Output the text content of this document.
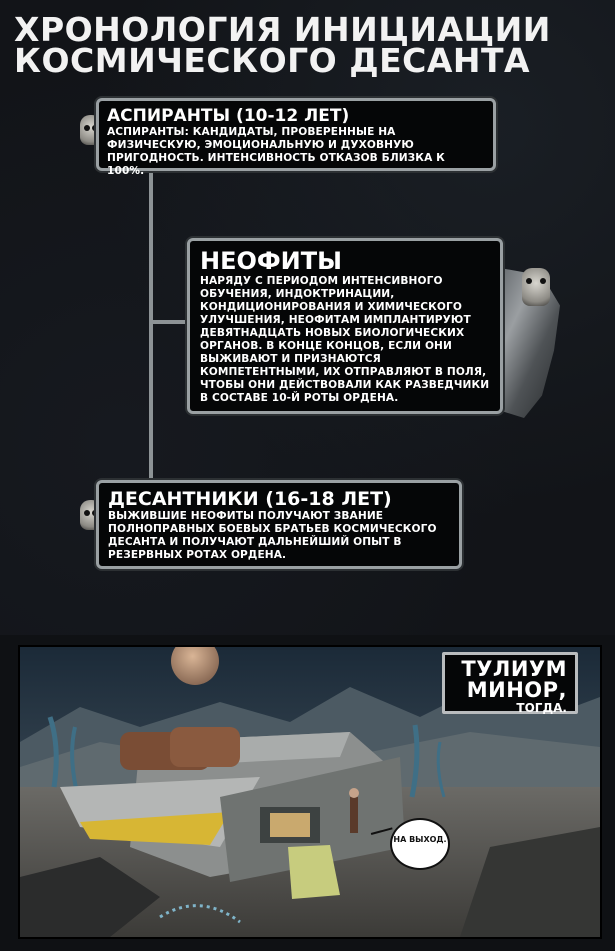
ХРОНОЛОГИЯ ИНИЦИАЦИИ
КОСМИЧЕСКОГО ДЕСАНТА
АСПИРАНТЫ (10-12 ЛЕТ)
АСПИРАНТЫ: КАНДИДАТЫ, ПРОВЕРЕННЫЕ НА ФИЗИЧЕСКУЮ, ЭМОЦИОНАЛЬНУЮ И ДУХОВНУЮ ПРИГОДНОСТЬ. ИНТЕНСИВНОСТЬ ОТКАЗОВ БЛИЗКА К 100%.
НЕОФИТЫ
НАРЯДУ С ПЕРИОДОМ ИНТЕНСИВНОГО ОБУЧЕНИЯ, ИНДОКТРИНАЦИИ, КОНДИЦИОНИРОВАНИЯ И ХИМИЧЕСКОГО УЛУЧШЕНИЯ, НЕОФИТАМ ИМПЛАНТИРУЮТ ДЕВЯТНАДЦАТЬ НОВЫХ БИОЛОГИЧЕСКИХ ОРГАНОВ. В КОНЦЕ КОНЦОВ, ЕСЛИ ОНИ ВЫЖИВАЮТ И ПРИЗНАЮТСЯ КОМПЕТЕНТНЫМИ, ИХ ОТПРАВЛЯЮТ В ПОЛЯ, ЧТОБЫ ОНИ ДЕЙСТВОВАЛИ КАК РАЗВЕДЧИКИ В СОСТАВЕ 10-Й РОТЫ ОРДЕНА.
ДЕСАНТНИКИ (16-18 ЛЕТ)
ВЫЖИВШИЕ НЕОФИТЫ ПОЛУЧАЮТ ЗВАНИЕ ПОЛНОПРАВНЫХ БОЕВЫХ БРАТЬЕВ КОСМИЧЕСКОГО ДЕСАНТА И ПОЛУЧАЮТ ДАЛЬНЕЙШИЙ ОПЫТ В РЕЗЕРВНЫХ РОТАХ ОРДЕНА.
ТУЛИУМ
МИНОР,
ТОГДА.
НА ВЫХОД.
